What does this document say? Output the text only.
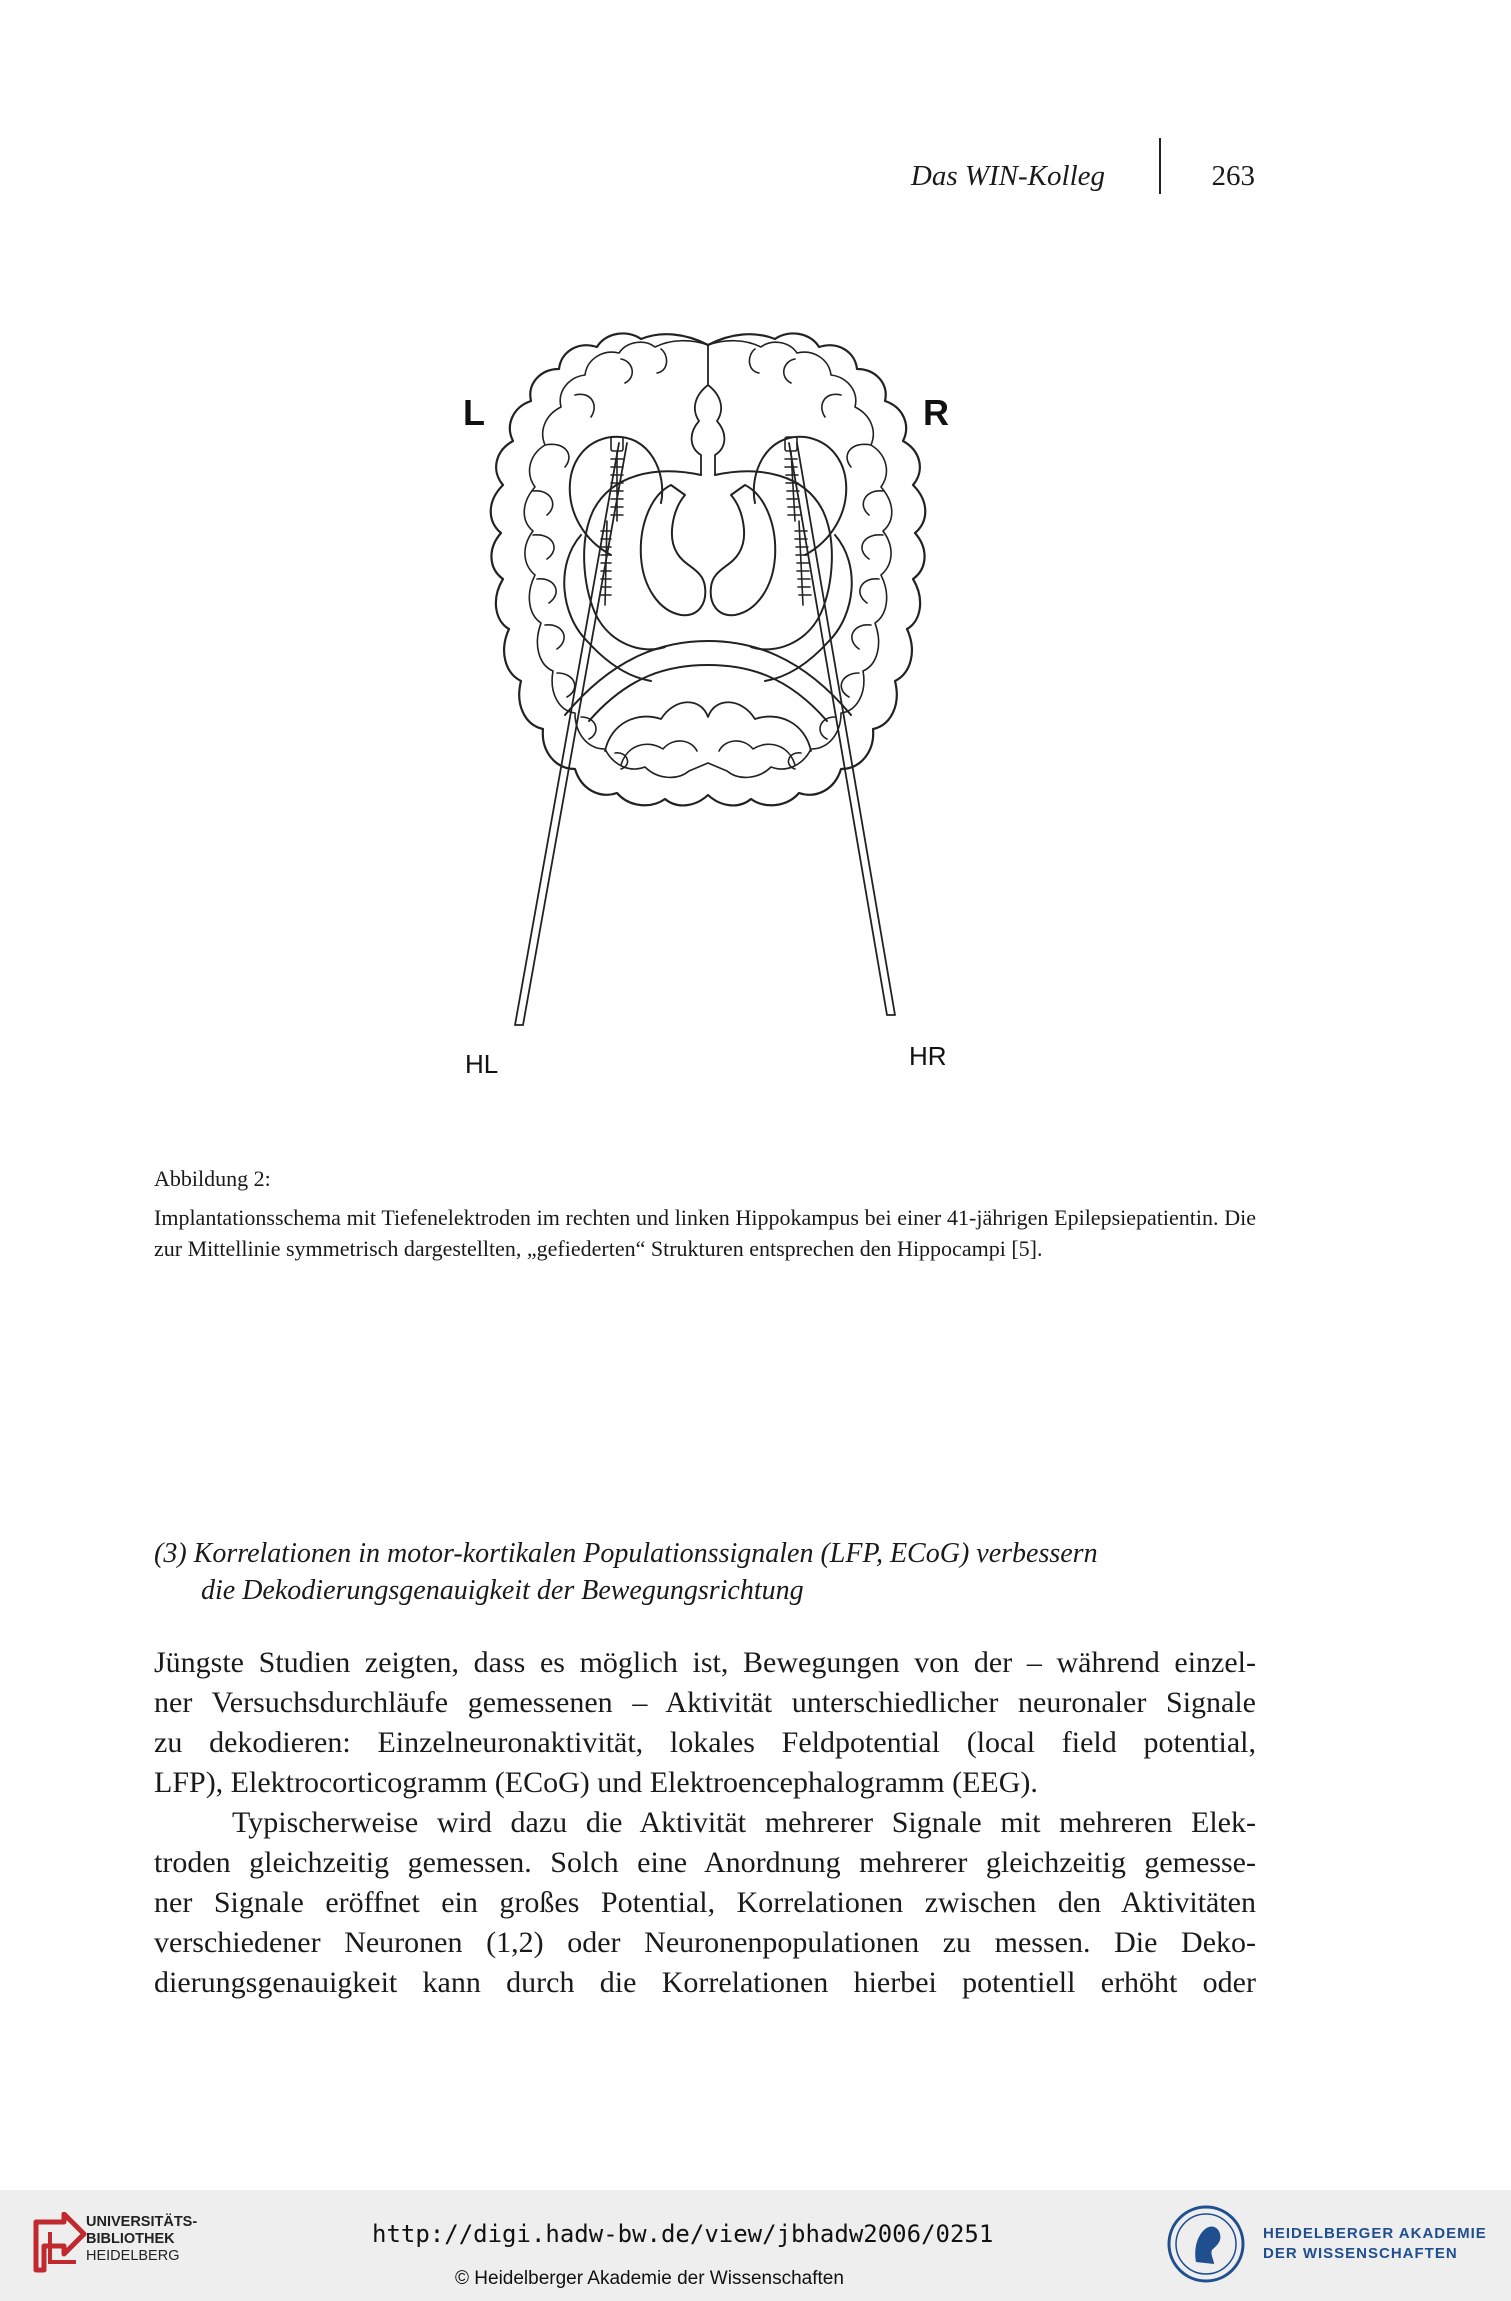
Das WIN-Kolleg	263
L	R
HL	HR
Abbildung 2:
Implantationsschema mit Tiefenelektroden im rechten und linken Hippokampus bei einer 41-jährigen Epilepsiepatientin. Die zur Mittellinie symmetrisch dargestellten, „gefiederten“ Strukturen entsprechen den Hippocampi [5].
(3) Korrelationen in motor-kortikalen Populationssignalen (LFP, ECoG) verbessern
die Dekodierungsgenauigkeit der Bewegungsrichtung

Jüngste Studien zeigten, dass es möglich ist, Bewegungen von der – während einzel-

ner Versuchsdurchläufe gemessenen – Aktivität unterschiedlicher neuronaler Signale

zu dekodieren: Einzelneuronaktivität, lokales Feldpotential (local field potential,

LFP), Elektrocorticogramm (ECoG) und Elektroencephalogramm (EEG).

Typischerweise wird dazu die Aktivität mehrerer Signale mit mehreren Elek-

troden gleichzeitig gemessen. Solch eine Anordnung mehrerer gleichzeitig gemesse-

ner Signale eröffnet ein großes Potential, Korrelationen zwischen den Aktivitäten

verschiedener Neuronen (1,2) oder Neuronenpopulationen zu messen. Die Deko-

dierungsgenauigkeit kann durch die Korrelationen hierbei potentiell erhöht oder

UNIVERSITÄTS-
BIBLIOTHEK
HEIDELBERG
http://digi.hadw-bw.de/view/jbhadw2006/0251
© Heidelberger Akademie der Wissenschaften
HEIDELBERGER AKADEMIE
DER WISSENSCHAFTEN
